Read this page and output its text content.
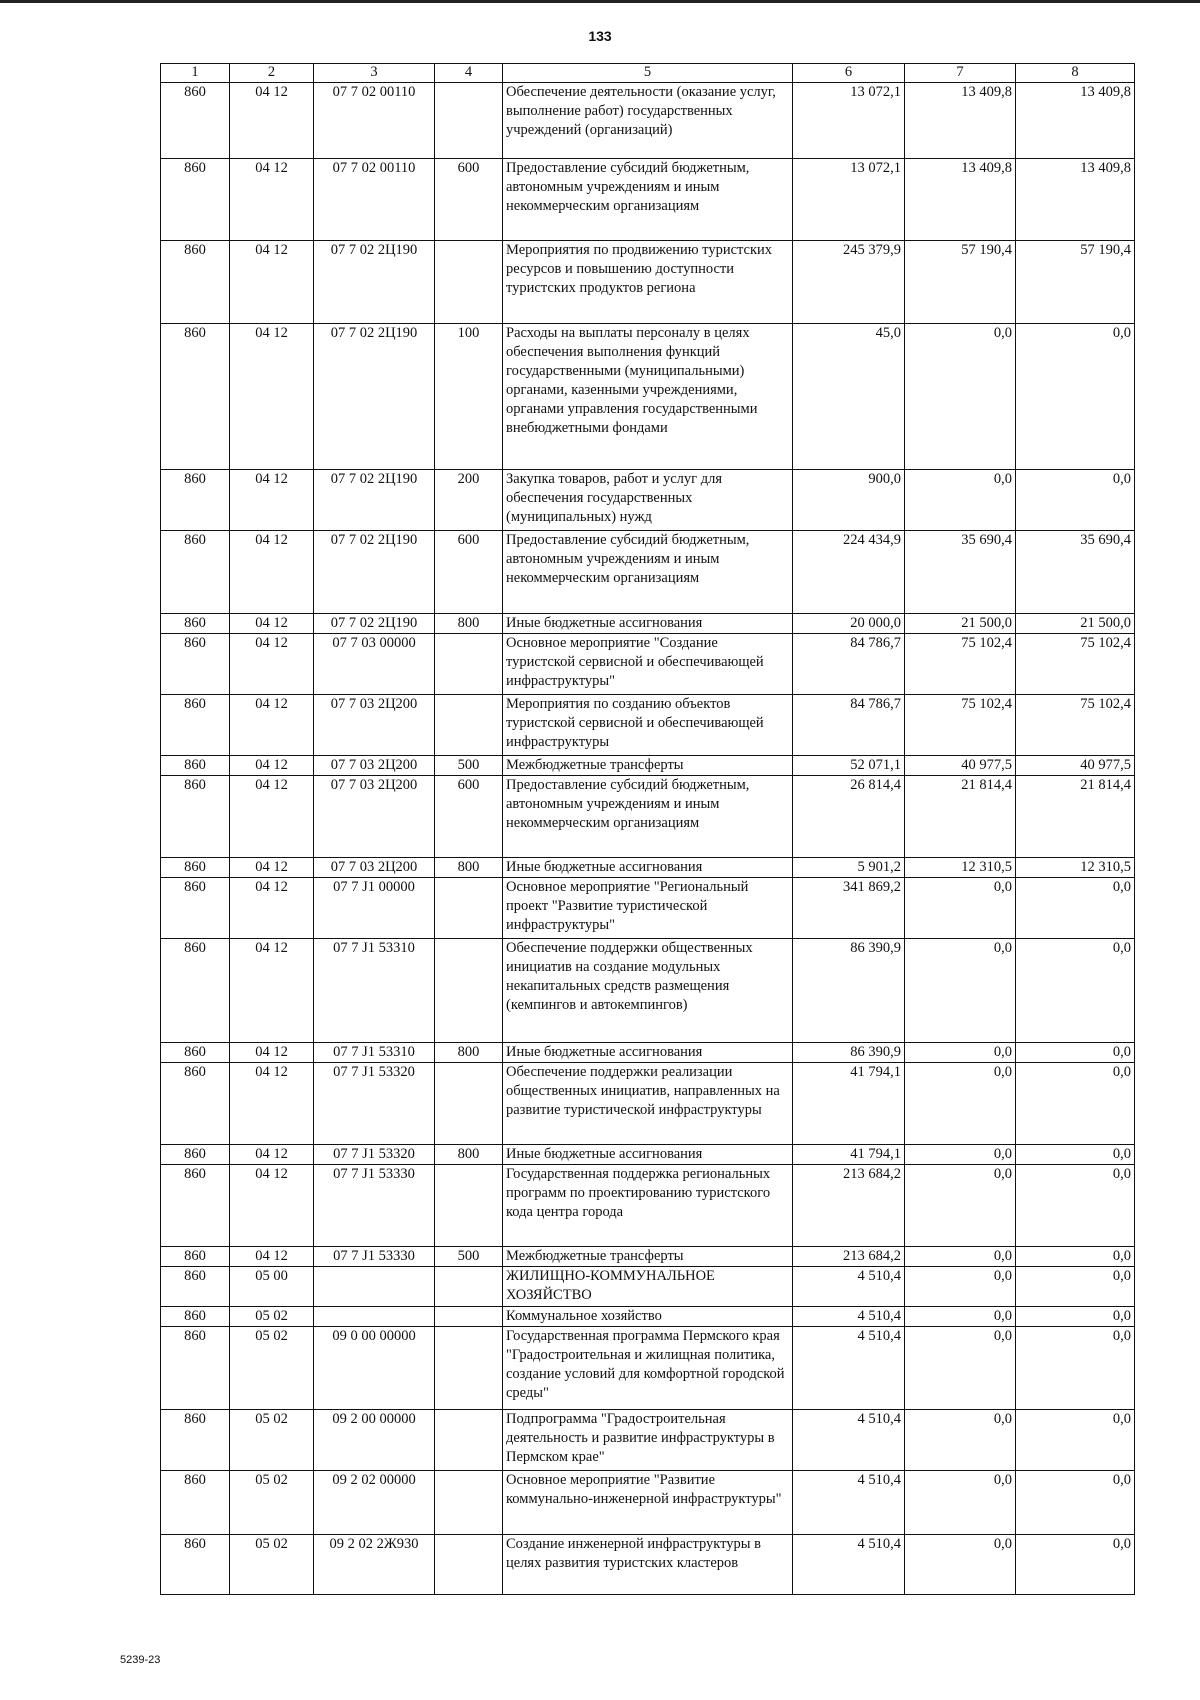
133
1	2	3	4	5	6	7	8
860	04 12	07 7 02 00110		Обеспечение деятельности (оказание услуг, выполнение работ) государственных учреждений (организаций)	13 072,1	13 409,8	13 409,8
860	04 12	07 7 02 00110	600	Предоставление субсидий бюджетным, автономным учреждениям и иным некоммерческим организациям	13 072,1	13 409,8	13 409,8
860	04 12	07 7 02 2Ц190		Мероприятия по продвижению туристских ресурсов и повышению доступности туристских продуктов региона	245 379,9	57 190,4	57 190,4
860	04 12	07 7 02 2Ц190	100	Расходы на выплаты персоналу в целях обеспечения выполнения функций государственными (муниципальными) органами, казенными учреждениями, органами управления государственными внебюджетными фондами	45,0	0,0	0,0
860	04 12	07 7 02 2Ц190	200	Закупка товаров, работ и услуг для обеспечения государственных (муниципальных) нужд	900,0	0,0	0,0
860	04 12	07 7 02 2Ц190	600	Предоставление субсидий бюджетным, автономным учреждениям и иным некоммерческим организациям	224 434,9	35 690,4	35 690,4
860	04 12	07 7 02 2Ц190	800	Иные бюджетные ассигнования	20 000,0	21 500,0	21 500,0
860	04 12	07 7 03 00000		Основное мероприятие "Создание туристской сервисной и обеспечивающей инфраструктуры"	84 786,7	75 102,4	75 102,4
860	04 12	07 7 03 2Ц200		Мероприятия по созданию объектов туристской сервисной и обеспечивающей инфраструктуры	84 786,7	75 102,4	75 102,4
860	04 12	07 7 03 2Ц200	500	Межбюджетные трансферты	52 071,1	40 977,5	40 977,5
860	04 12	07 7 03 2Ц200	600	Предоставление субсидий бюджетным, автономным учреждениям и иным некоммерческим организациям	26 814,4	21 814,4	21 814,4
860	04 12	07 7 03 2Ц200	800	Иные бюджетные ассигнования	5 901,2	12 310,5	12 310,5
860	04 12	07 7 J1 00000		Основное мероприятие "Региональный проект "Развитие туристической инфраструктуры"	341 869,2	0,0	0,0
860	04 12	07 7 J1 53310		Обеспечение поддержки общественных инициатив на создание модульных некапитальных средств размещения (кемпингов и автокемпингов)	86 390,9	0,0	0,0
860	04 12	07 7 J1 53310	800	Иные бюджетные ассигнования	86 390,9	0,0	0,0
860	04 12	07 7 J1 53320		Обеспечение поддержки реализации общественных инициатив, направленных на развитие туристической инфраструктуры	41 794,1	0,0	0,0
860	04 12	07 7 J1 53320	800	Иные бюджетные ассигнования	41 794,1	0,0	0,0
860	04 12	07 7 J1 53330		Государственная поддержка региональных программ по проектированию туристского кода центра города	213 684,2	0,0	0,0
860	04 12	07 7 J1 53330	500	Межбюджетные трансферты	213 684,2	0,0	0,0
860	05 00			ЖИЛИЩНО-КОММУНАЛЬНОЕ ХОЗЯЙСТВО	4 510,4	0,0	0,0
860	05 02			Коммунальное хозяйство	4 510,4	0,0	0,0
860	05 02	09 0 00 00000		Государственная программа Пермского края "Градостроительная и жилищная политика, создание условий для комфортной городской среды"	4 510,4	0,0	0,0
860	05 02	09 2 00 00000		Подпрограмма "Градостроительная деятельность и развитие инфраструктуры в Пермском крае"	4 510,4	0,0	0,0
860	05 02	09 2 02 00000		Основное мероприятие "Развитие коммунально-инженерной инфраструктуры"	4 510,4	0,0	0,0
860	05 02	09 2 02 2Ж930		Создание инженерной инфраструктуры в целях развития туристских кластеров	4 510,4	0,0	0,0
5239-23
